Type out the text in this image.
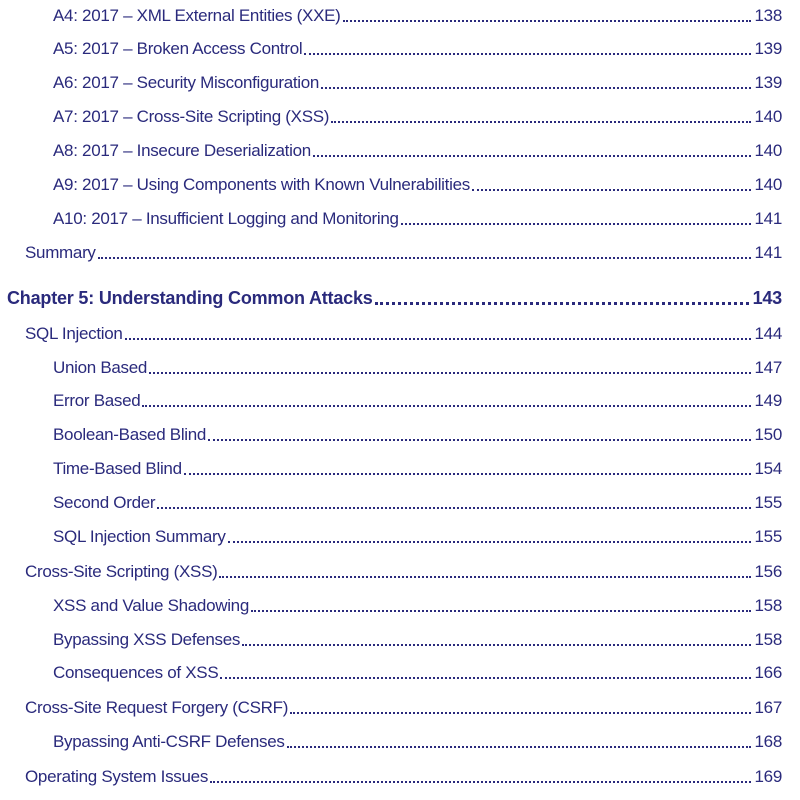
A4: 2017 – XML External Entities (XXE)	138
A5: 2017 – Broken Access Control	139
A6: 2017 – Security Misconfiguration	139
A7: 2017 – Cross-Site Scripting (XSS)	140
A8: 2017 – Insecure Deserialization	140
A9: 2017 – Using Components with Known Vulnerabilities	140
A10: 2017 – Insufficient Logging and Monitoring	141
Summary	141
Chapter 5: Understanding Common Attacks	143
SQL Injection	144
Union Based	147
Error Based	149
Boolean-Based Blind	150
Time-Based Blind	154
Second Order	155
SQL Injection Summary	155
Cross-Site Scripting (XSS)	156
XSS and Value Shadowing	158
Bypassing XSS Defenses	158
Consequences of XSS	166
Cross-Site Request Forgery (CSRF)	167
Bypassing Anti-CSRF Defenses	168
Operating System Issues	169
